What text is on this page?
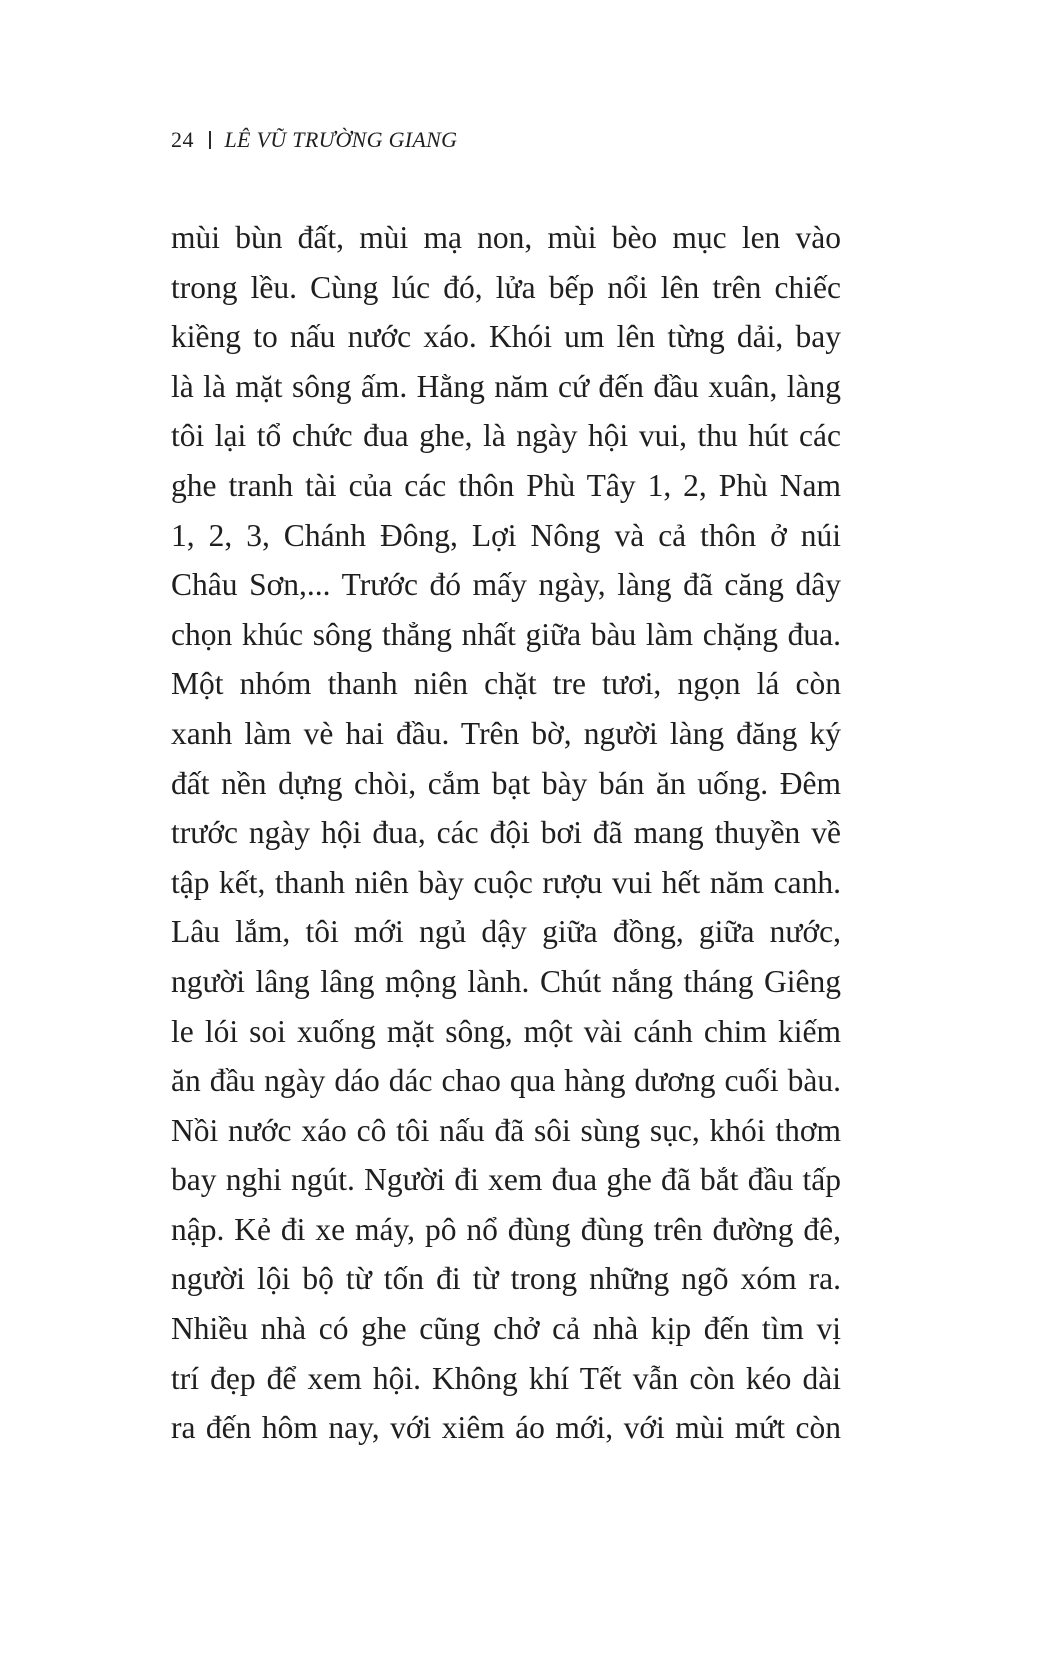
24 LÊ VŨ TRƯỜNG GIANG
mùi bùn đất, mùi mạ non, mùi bèo mục len vào
trong lều. Cùng lúc đó, lửa bếp nổi lên trên chiếc
kiềng to nấu nước xáo. Khói um lên từng dải, bay
là là mặt sông ấm. Hằng năm cứ đến đầu xuân, làng
tôi lại tổ chức đua ghe, là ngày hội vui, thu hút các
ghe tranh tài của các thôn Phù Tây 1, 2, Phù Nam
1, 2, 3, Chánh Đông, Lợi Nông và cả thôn ở núi
Châu Sơn,... Trước đó mấy ngày, làng đã căng dây
chọn khúc sông thẳng nhất giữa bàu làm chặng đua.
Một nhóm thanh niên chặt tre tươi, ngọn lá còn
xanh làm vè hai đầu. Trên bờ, người làng đăng ký
đất nền dựng chòi, cắm bạt bày bán ăn uống. Đêm
trước ngày hội đua, các đội bơi đã mang thuyền về
tập kết, thanh niên bày cuộc rượu vui hết năm canh.
Lâu lắm, tôi mới ngủ dậy giữa đồng, giữa nước,
người lâng lâng mộng lành. Chút nắng tháng Giêng
le lói soi xuống mặt sông, một vài cánh chim kiếm
ăn đầu ngày dáo dác chao qua hàng dương cuối bàu.
Nồi nước xáo cô tôi nấu đã sôi sùng sục, khói thơm
bay nghi ngút. Người đi xem đua ghe đã bắt đầu tấp
nập. Kẻ đi xe máy, pô nổ đùng đùng trên đường đê,
người lội bộ từ tốn đi từ trong những ngõ xóm ra.
Nhiều nhà có ghe cũng chở cả nhà kịp đến tìm vị
trí đẹp để xem hội. Không khí Tết vẫn còn kéo dài
ra đến hôm nay, với xiêm áo mới, với mùi mứt còn
